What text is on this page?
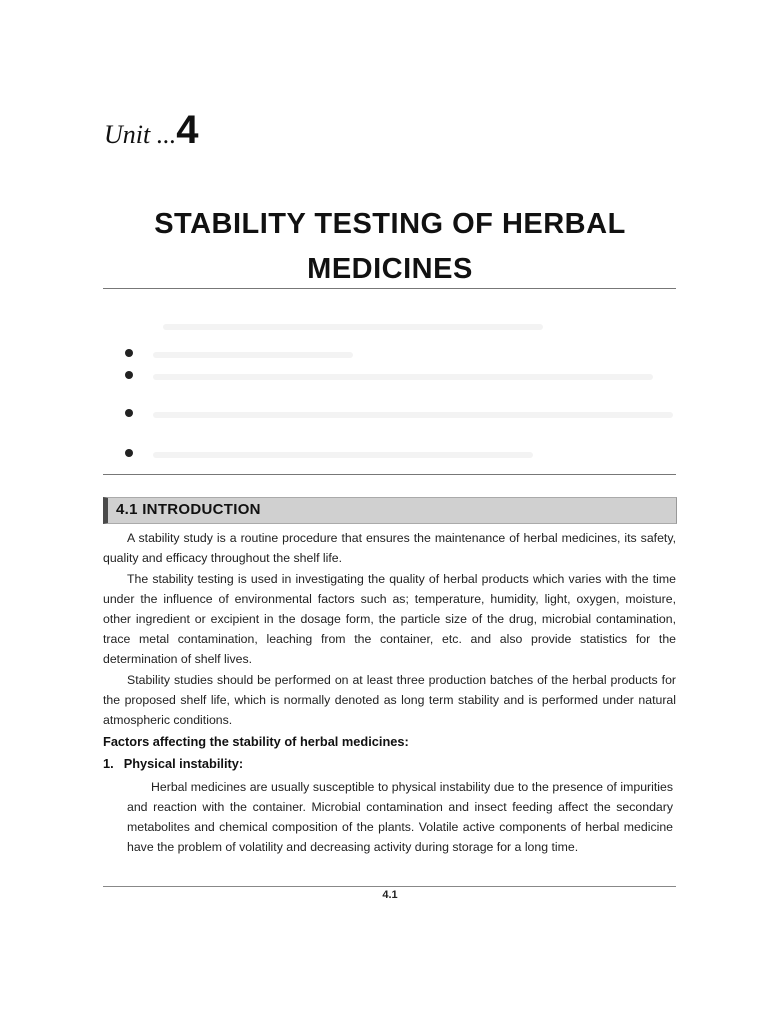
Unit ...4
STABILITY TESTING OF HERBAL
MEDICINES
4.1 INTRODUCTION
A stability study is a routine procedure that ensures the maintenance of herbal medicines, its safety, quality and efficacy throughout the shelf life.
The stability testing is used in investigating the quality of herbal products which varies with the time under the influence of environmental factors such as; temperature, humidity, light, oxygen, moisture, other ingredient or excipient in the dosage form, the particle size of the drug, microbial contamination, trace metal contamination, leaching from the container, etc. and also provide statistics for the determination of shelf lives.
Stability studies should be performed on at least three production batches of the herbal products for the proposed shelf life, which is normally denoted as long term stability and is performed under natural atmospheric conditions.
Factors affecting the stability of herbal medicines:
1. Physical instability:
Herbal medicines are usually susceptible to physical instability due to the presence of impurities and reaction with the container. Microbial contamination and insect feeding affect the secondary metabolites and chemical composition of the plants. Volatile active components of herbal medicine have the problem of volatility and decreasing activity during storage for a long time.
4.1
